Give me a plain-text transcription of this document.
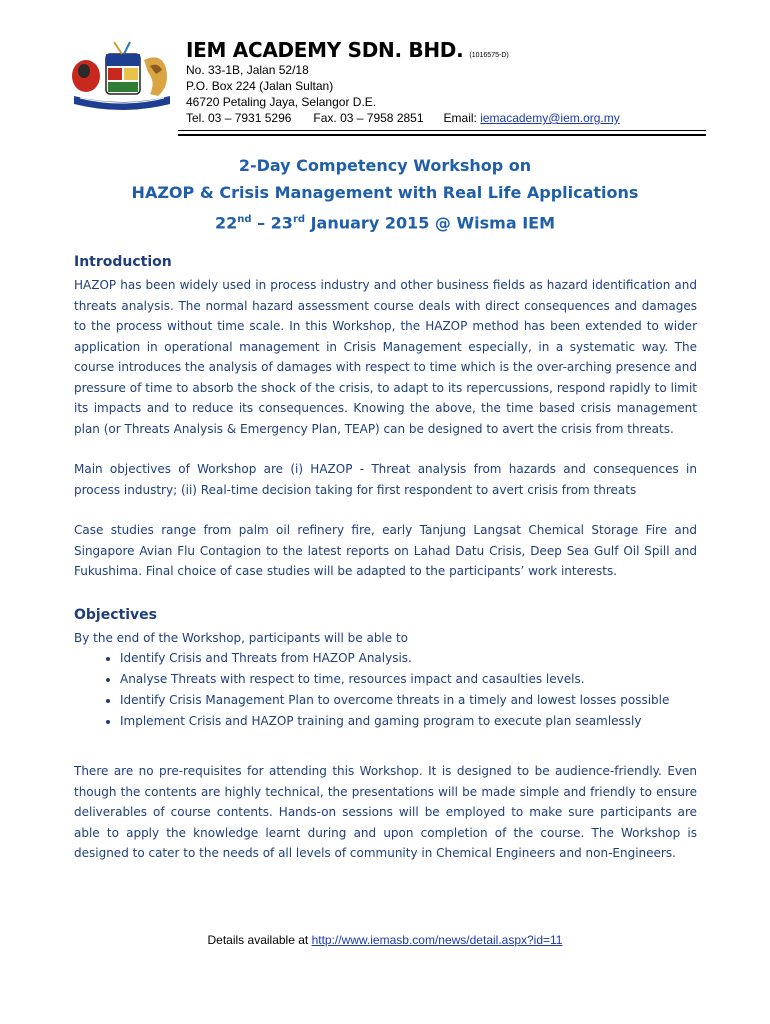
IEM ACADEMY SDN. BHD. (1016575-D)
No. 33-1B, Jalan 52/18
P.O. Box 224 (Jalan Sultan)
46720 Petaling Jaya, Selangor D.E.
Tel. 03 – 7931 5296 Fax. 03 – 7958 2851 Email: iemacademy@iem.org.my
2-Day Competency Workshop on
HAZOP & Crisis Management with Real Life Applications
22nd – 23rd January 2015 @ Wisma IEM
Introduction

HAZOP has been widely used in process industry and other business fields as hazard identification and threats analysis. The normal hazard assessment course deals with direct consequences and damages to the process without time scale. In this Workshop, the HAZOP method has been extended to wider application in operational management in Crisis Management especially, in a systematic way. The course introduces the analysis of damages with respect to time which is the over-arching presence and pressure of time to absorb the shock of the crisis, to adapt to its repercussions, respond rapidly to limit its impacts and to reduce its consequences. Knowing the above, the time based crisis management plan (or Threats Analysis & Emergency Plan, TEAP) can be designed to avert the crisis from threats.

Main objectives of Workshop are (i) HAZOP - Threat analysis from hazards and consequences in process industry; (ii) Real-time decision taking for first respondent to avert crisis from threats

Case studies range from palm oil refinery fire, early Tanjung Langsat Chemical Storage Fire and Singapore Avian Flu Contagion to the latest reports on Lahad Datu Crisis, Deep Sea Gulf Oil Spill and Fukushima. Final choice of case studies will be adapted to the participants’ work interests.

Objectives

By the end of the Workshop, participants will be able to

• Identify Crisis and Threats from HAZOP Analysis.
• Analyse Threats with respect to time, resources impact and casaulties levels.
• Identify Crisis Management Plan to overcome threats in a timely and lowest losses possible
• Implement Crisis and HAZOP training and gaming program to execute plan seamlessly

There are no pre-requisites for attending this Workshop. It is designed to be audience-friendly. Even though the contents are highly technical, the presentations will be made simple and friendly to ensure deliverables of course contents. Hands-on sessions will be employed to make sure participants are able to apply the knowledge learnt during and upon completion of the course. The Workshop is designed to cater to the needs of all levels of community in Chemical Engineers and non-Engineers.

Details available at http://www.iemasb.com/news/detail.aspx?id=11
